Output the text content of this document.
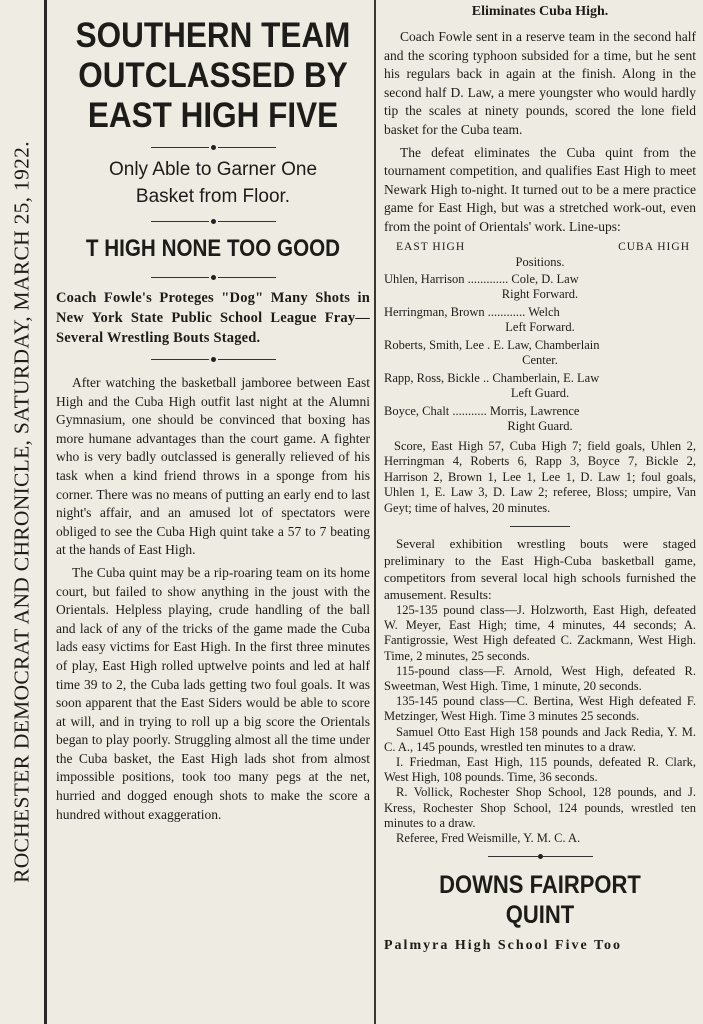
ROCHESTER DEMOCRAT AND CHRONICLE, SATURDAY, MARCH 25, 1922.
SOUTHERN TEAM
OUTCLASSED BY
EAST HIGH FIVE
Only Able to Garner One
Basket from Floor.
T HIGH NONE TOO GOOD
Coach Fowle's Proteges "Dog" Many Shots in New York State Public School League Fray—Several Wrestling Bouts Staged.

After watching the basketball jamboree between East High and the Cuba High outfit last night at the Alumni Gymnasium, one should be convinced that boxing has more humane advantages than the court game. A fighter who is very badly outclassed is generally relieved of his task when a kind friend throws in a sponge from his corner. There was no means of putting an early end to last night's affair, and an amused lot of spectators were obliged to see the Cuba High quint take a 57 to 7 beating at the hands of East High.

The Cuba quint may be a rip-roaring team on its home court, but failed to show anything in the joust with the Orientals. Helpless playing, crude handling of the ball and lack of any of the tricks of the game made the Cuba lads easy victims for East High. In the first three minutes of play, East High rolled uptwelve points and led at half time 39 to 2, the Cuba lads getting two foul goals. It was soon apparent that the East Siders would be able to score at will, and in trying to roll up a big score the Orientals began to play poorly. Struggling almost all the time under the Cuba basket, the East High lads shot from almost impossible positions, took too many pegs at the net, hurried and dogged enough shots to make the score a hundred without exaggeration.

Eliminates Cuba High.

Coach Fowle sent in a reserve team in the second half and the scoring typhoon subsided for a time, but he sent his regulars back in again at the finish. Along in the second half D. Law, a mere youngster who would hardly tip the scales at ninety pounds, scored the lone field basket for the Cuba team.

The defeat eliminates the Cuba quint from the tournament competition, and qualifies East High to meet Newark High to-night. It turned out to be a mere practice game for East High, but was a stretched work-out, even from the point of Orientals' work. Line-ups:

EAST HIGH	CUBA HIGH
Positions.
Uhlen, Harrison ............. Cole, D. Law
Right Forward.
Herringman, Brown ............ Welch
Left Forward.
Roberts, Smith, Lee . E. Law, Chamberlain
Center.
Rapp, Ross, Bickle .. Chamberlain, E. Law
Left Guard.
Boyce, Chalt ........... Morris, Lawrence
Right Guard.

Score, East High 57, Cuba High 7; field goals, Uhlen 2, Herringman 4, Roberts 6, Rapp 3, Boyce 7, Bickle 2, Harrison 2, Brown 1, Lee 1, Lee 1, D. Law 1; foul goals, Uhlen 1, E. Law 3, D. Law 2; referee, Bloss; umpire, Van Geyt; time of halves, 20 minutes.

Several exhibition wrestling bouts were staged preliminary to the East High-Cuba basketball game, competitors from several local high schools furnished the amusement. Results:

125-135 pound class—J. Holzworth, East High, defeated W. Meyer, East High; time, 4 minutes, 44 seconds; A. Fantigrossie, West High defeated C. Zackmann, West High. Time, 2 minutes, 25 seconds.

115-pound class—F. Arnold, West High, defeated R. Sweetman, West High. Time, 1 minute, 20 seconds.

135-145 pound class—C. Bertina, West High defeated F. Metzinger, West High. Time 3 minutes 25 seconds.

Samuel Otto East High 158 pounds and Jack Redia, Y. M. C. A., 145 pounds, wrestled ten minutes to a draw.

I. Friedman, East High, 115 pounds, defeated R. Clark, West High, 108 pounds. Time, 36 seconds.

R. Vollick, Rochester Shop School, 128 pounds, and J. Kress, Rochester Shop School, 124 pounds, wrestled ten minutes to a draw.

Referee, Fred Weismille, Y. M. C. A.

DOWNS FAIRPORT QUINT
Palmyra High School Five Too
